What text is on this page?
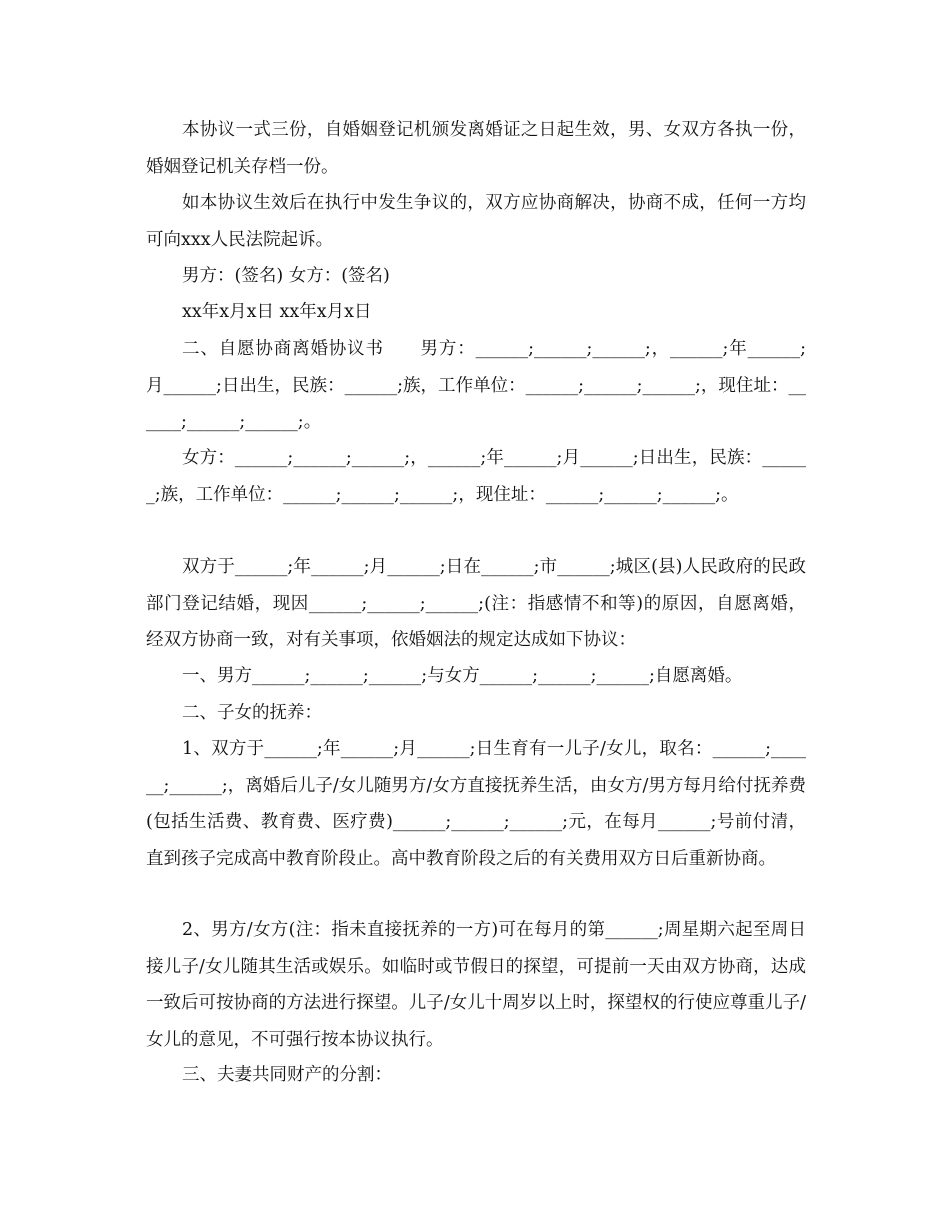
本协议一式三份，自婚姻登记机颁发离婚证之日起生效，男、女双方各执一份，婚姻登记机关存档一份。

如本协议生效后在执行中发生争议的，双方应协商解决，协商不成，任何一方均可向xxx人民法院起诉。

男方：(签名) 女方：(签名)

xx年x月x日 xx年x月x日

二、自愿协商离婚协议书　　男方：______;______;______;，______;年______;月______;日出生，民族：______;族，工作单位：______;______;______;，现住址：______;______;______;。

女方：______;______;______;，______;年______;月______;日出生，民族：______;族，工作单位：______;______;______;，现住址：______;______;______;。

双方于______;年______;月______;日在______;市______;城区(县)人民政府的民政部门登记结婚，现因______;______;______;(注：指感情不和等)的原因，自愿离婚，经双方协商一致，对有关事项，依婚姻法的规定达成如下协议：

一、男方______;______;______;与女方______;______;______;自愿离婚。

二、子女的抚养：

1、双方于______;年______;月______;日生育有一儿子/女儿，取名：______;______;______;，离婚后儿子/女儿随男方/女方直接抚养生活，由女方/男方每月给付抚养费(包括生活费、教育费、医疗费)______;______;______;元，在每月______;号前付清，直到孩子完成高中教育阶段止。高中教育阶段之后的有关费用双方日后重新协商。

2、男方/女方(注：指未直接抚养的一方)可在每月的第______;周星期六起至周日接儿子/女儿随其生活或娱乐。如临时或节假日的探望，可提前一天由双方协商，达成一致后可按协商的方法进行探望。儿子/女儿十周岁以上时，探望权的行使应尊重儿子/女儿的意见，不可强行按本协议执行。

三、夫妻共同财产的分割：
